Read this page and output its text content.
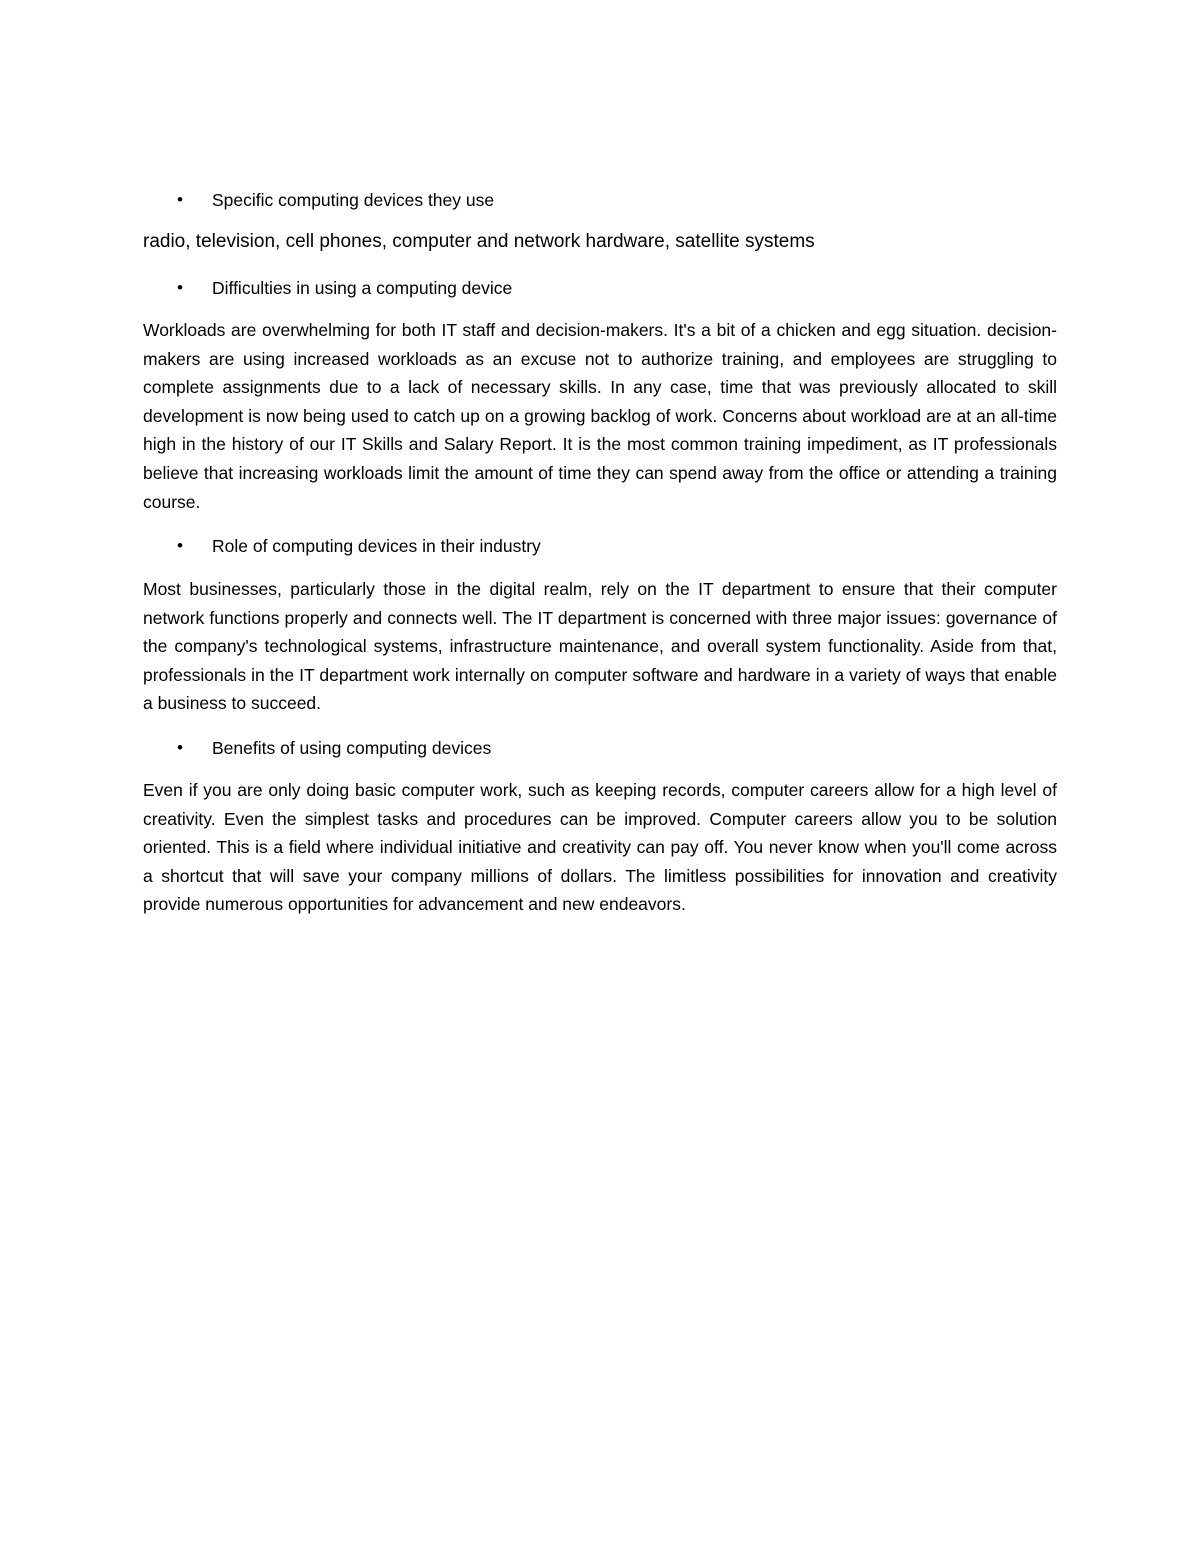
• Specific computing devices they use
radio, television, cell phones, computer and network hardware, satellite systems
• Difficulties in using a computing device

Workloads are overwhelming for both IT staff and decision-makers. It's a bit of a chicken and egg situation. decision-makers are using increased workloads as an excuse not to authorize training, and employees are struggling to complete assignments due to a lack of necessary skills. In any case, time that was previously allocated to skill development is now being used to catch up on a growing backlog of work. Concerns about workload are at an all-time high in the history of our IT Skills and Salary Report. It is the most common training impediment, as IT professionals believe that increasing workloads limit the amount of time they can spend away from the office or attending a training course.

• Role of computing devices in their industry

Most businesses, particularly those in the digital realm, rely on the IT department to ensure that their computer network functions properly and connects well. The IT department is concerned with three major issues: governance of the company's technological systems, infrastructure maintenance, and overall system functionality. Aside from that, professionals in the IT department work internally on computer software and hardware in a variety of ways that enable a business to succeed.

• Benefits of using computing devices

Even if you are only doing basic computer work, such as keeping records, computer careers allow for a high level of creativity. Even the simplest tasks and procedures can be improved. Computer careers allow you to be solution oriented. This is a field where individual initiative and creativity can pay off. You never know when you'll come across a shortcut that will save your company millions of dollars. The limitless possibilities for innovation and creativity provide numerous opportunities for advancement and new endeavors.
